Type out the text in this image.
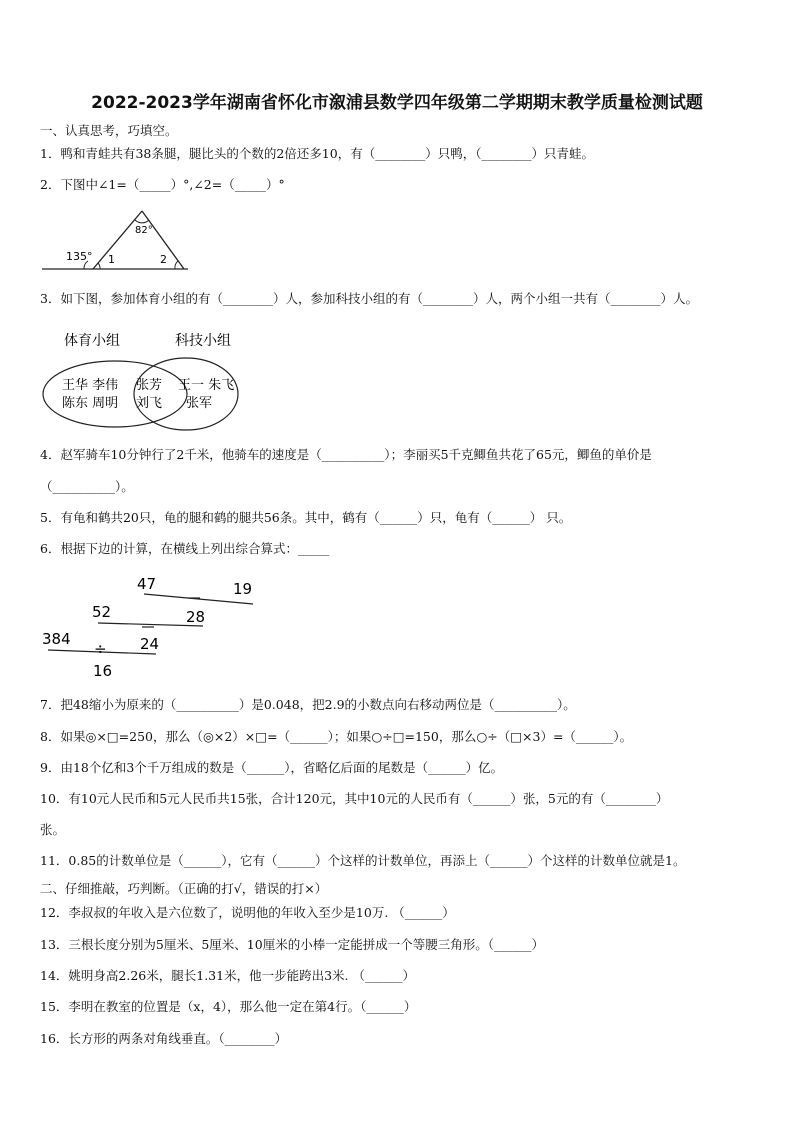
2022-2023学年湖南省怀化市溆浦县数学四年级第二学期期末教学质量检测试题
一、认真思考，巧填空。
1．鸭和青蛙共有38条腿，腿比头的个数的2倍还多10，有（________）只鸭，（________）只青蛙。
2．下图中∠1=（_____）°,∠2=（_____）°
135°
82°
1	2
3．如下图，参加体育小组的有（________）人，参加科技小组的有（________）人，两个小组一共有（________）人。
体育小组	科技小组
王华 李伟
陈东 周明
张芳
刘飞
王一 朱飞
张军
4．赵军骑车10分钟行了2千米，他骑车的速度是（__________）；李丽买5千克鲫鱼共花了65元，鲫鱼的单价是
（__________）。
5．有龟和鹤共20只，龟的腿和鹤的腿共56条。其中，鹤有（______）只，龟有（______） 只。
6．根据下边的计算，在横线上列出综合算式：_____
47	19
28
52
24
384
÷
16
7．把48缩小为原来的（__________）是0.048，把2.9的小数点向右移动两位是（__________）。
8．如果◎×□=250，那么（◎×2）×□=（______）；如果○÷□=150，那么○÷（□×3）=（______）。
9．由18个亿和3个千万组成的数是（______），省略亿后面的尾数是（______）亿。
10．有10元人民币和5元人民币共15张，合计120元，其中10元的人民币有（______）张，5元的有（________）
张。
11．0.85的计数单位是（______），它有（______）个这样的计数单位，再添上（______）个这样的计数单位就是1。
二、仔细推敲，巧判断。（正确的打√，错误的打×）
12．李叔叔的年收入是六位数了，说明他的年收入至少是10万. （______）
13．三根长度分别为5厘米、5厘米、10厘米的小棒一定能拼成一个等腰三角形。（______）
14．姚明身高2.26米，腿长1.31米，他一步能跨出3米. （______）
15．李明在教室的位置是（x，4），那么他一定在第4行。（______）
16．长方形的两条对角线垂直。（________）
